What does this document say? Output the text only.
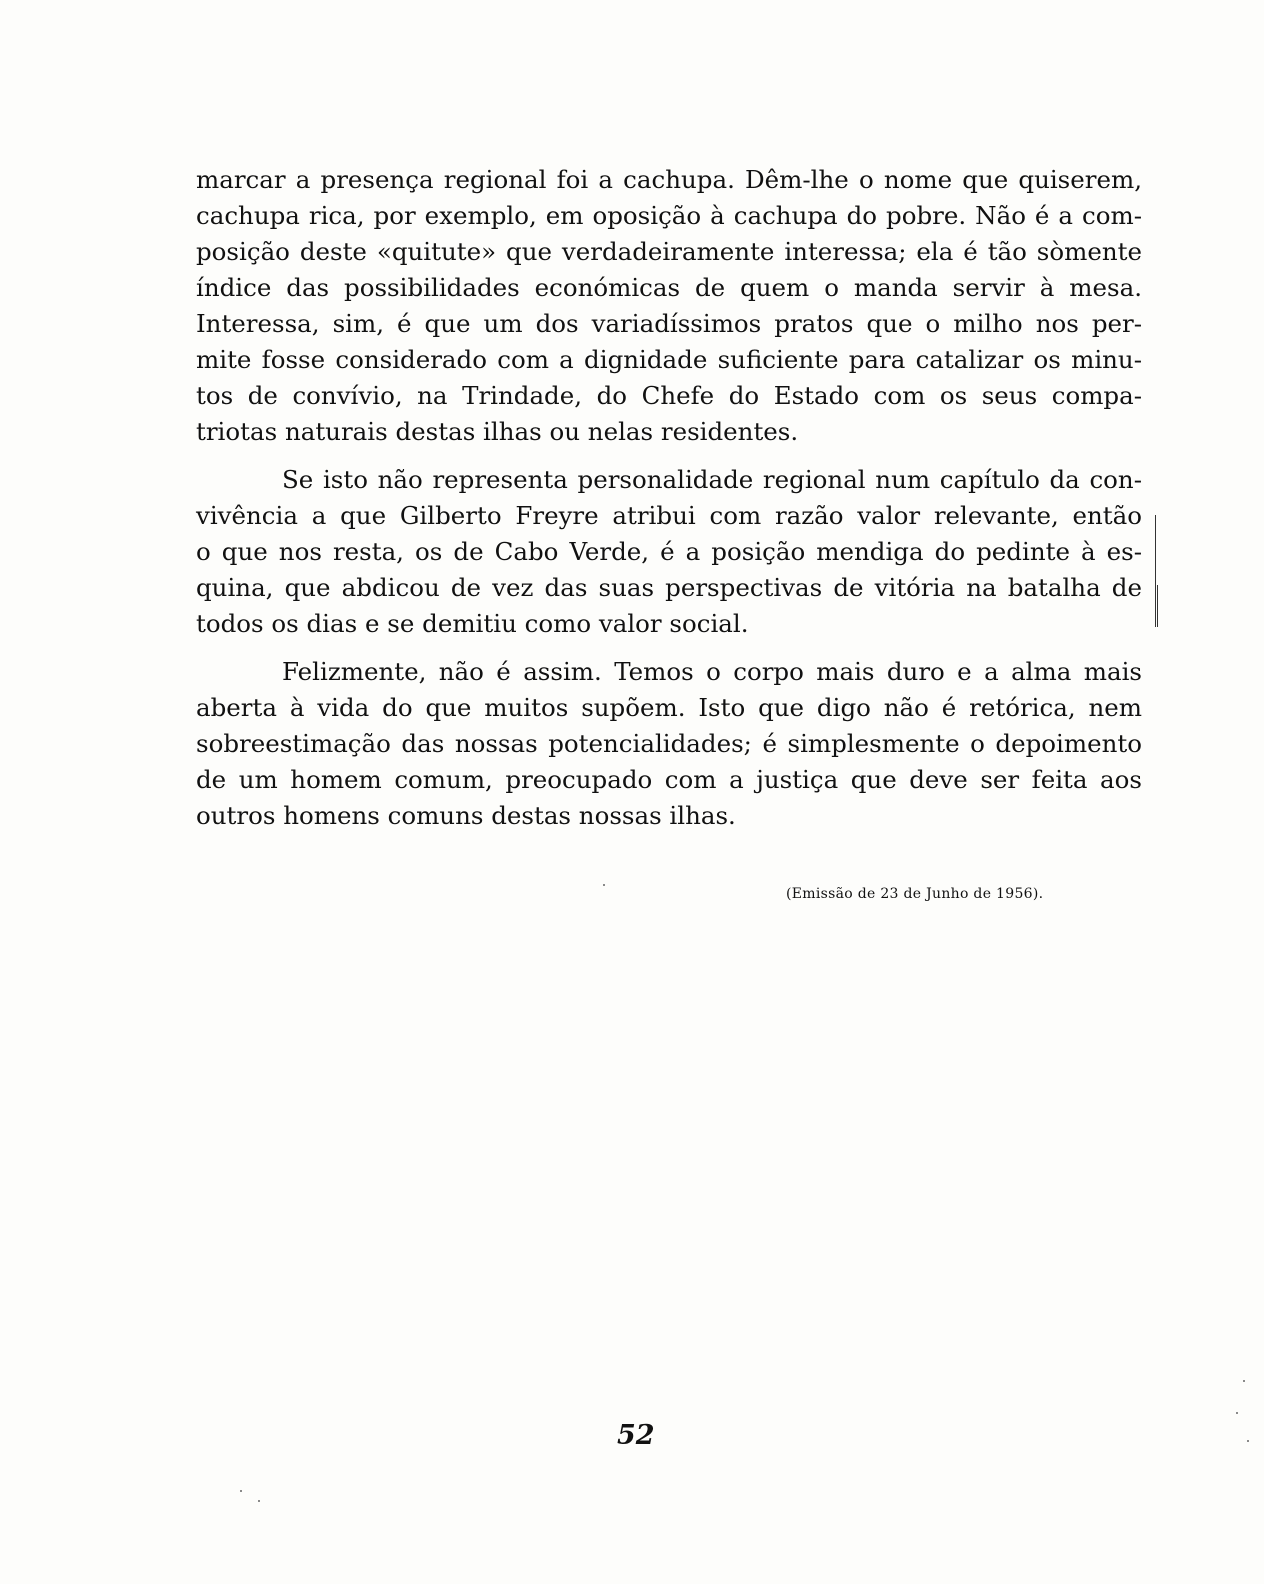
marcar a presença regional foi a cachupa. Dêm-lhe o nome que quiserem,
cachupa rica, por exemplo, em oposição à cachupa do pobre. Não é a com-
posição deste «quitute» que verdadeiramente interessa; ela é tão sòmente
índice das possibilidades económicas de quem o manda servir à mesa.
Interessa, sim, é que um dos variadíssimos pratos que o milho nos per-
mite fosse considerado com a dignidade suficiente para catalizar os minu-
tos de convívio, na Trindade, do Chefe do Estado com os seus compa-
triotas naturais destas ilhas ou nelas residentes.

Se isto não representa personalidade regional num capítulo da con-
vivência a que Gilberto Freyre atribui com razão valor relevante, então
o que nos resta, os de Cabo Verde, é a posição mendiga do pedinte à es-
quina, que abdicou de vez das suas perspectivas de vitória na batalha de
todos os dias e se demitiu como valor social.

Felizmente, não é assim. Temos o corpo mais duro e a alma mais
aberta à vida do que muitos supõem. Isto que digo não é retórica, nem
sobreestimação das nossas potencialidades; é simplesmente o depoimento
de um homem comum, preocupado com a justiça que deve ser feita aos
outros homens comuns destas nossas ilhas.

(Emissão de 23 de Junho de 1956).
52
